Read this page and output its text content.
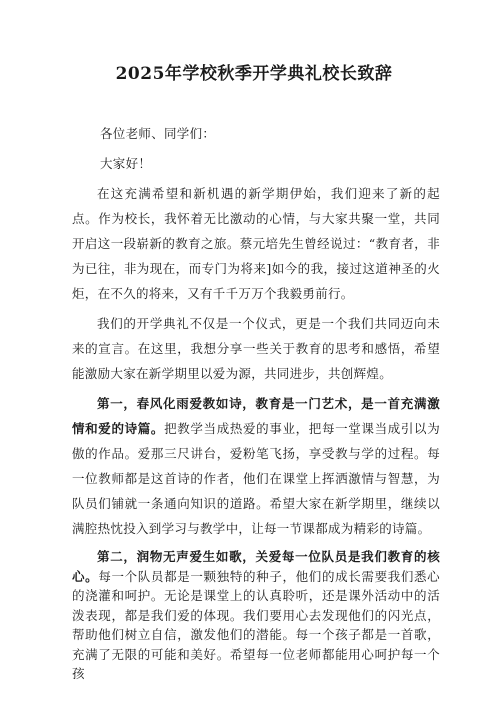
2025年学校秋季开学典礼校长致辞

各位老师、同学们：

大家好！

在这充满希望和新机遇的新学期伊始，我们迎来了新的起点。作为校长，我怀着无比激动的心情，与大家共聚一堂，共同开启这一段崭新的教育之旅。蔡元培先生曾经说过：“教育者，非为已往，非为现在，而专门为将来]如今的我，接过这道神圣的火炬，在不久的将来，又有千千万万个我毅勇前行。

我们的开学典礼不仅是一个仪式，更是一个我们共同迈向未来的宣言。在这里，我想分享一些关于教育的思考和感悟，希望能激励大家在新学期里以爱为源，共同进步，共创辉煌。

第一，春风化雨爱教如诗，教育是一门艺术，是一首充满激情和爱的诗篇。把教学当成热爱的事业，把每一堂课当成引以为傲的作品。爱那三尺讲台，爱粉笔飞扬，享受教与学的过程。每一位教师都是这首诗的作者，他们在课堂上挥洒激情与智慧，为队员们铺就一条通向知识的道路。希望大家在新学期里，继续以满腔热忱投入到学习与教学中，让每一节课都成为精彩的诗篇。

第二，润物无声爱生如歌，关爱每一位队员是我们教育的核心。每一个队员都是一颗独特的种子，他们的成长需要我们悉心的浇灌和呵护。无论是课堂上的认真聆听，还是课外活动中的活泼表现，都是我们爱的体现。我们要用心去发现他们的闪光点，帮助他们树立自信，激发他们的潜能。每一个孩子都是一首歌，充满了无限的可能和美好。希望每一位老师都能用心呵护每一个孩
